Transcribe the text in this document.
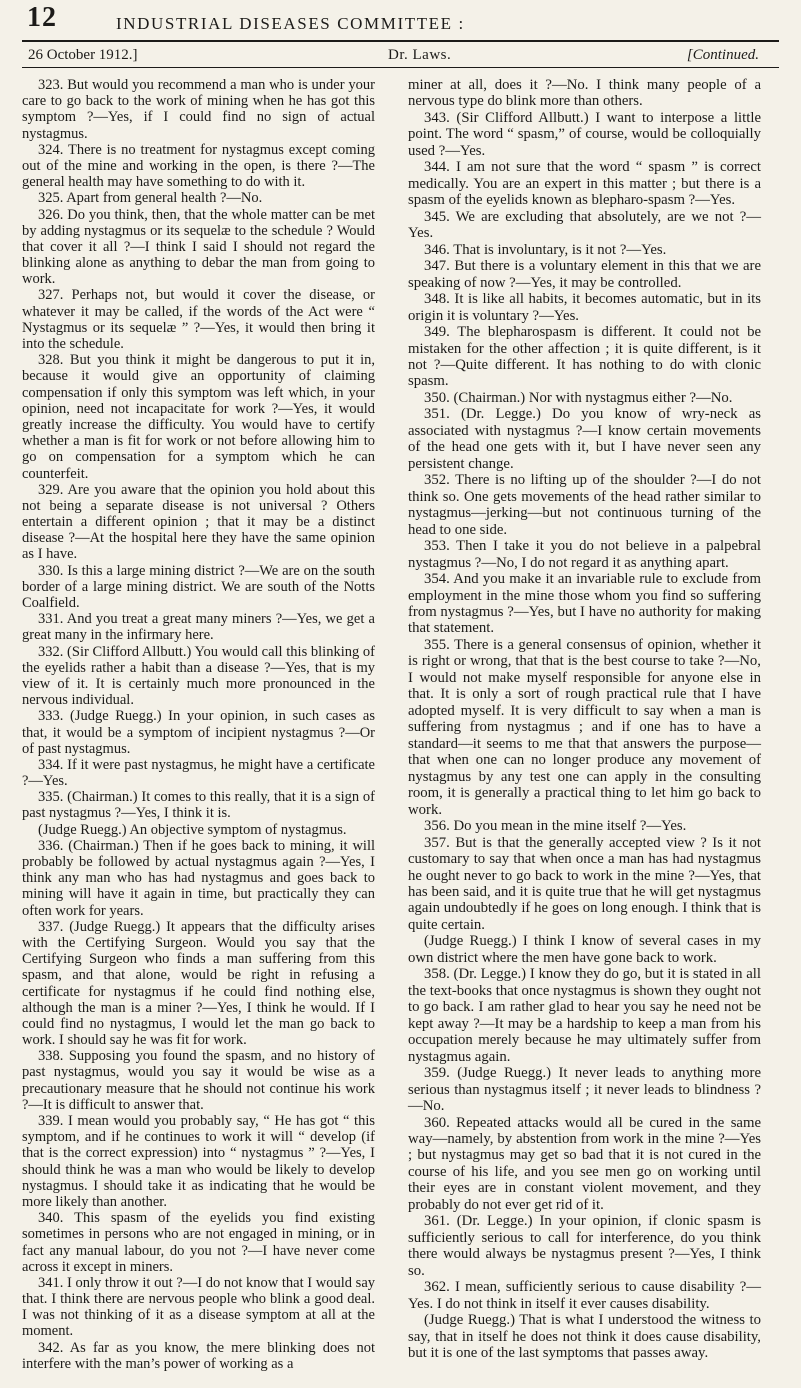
12	INDUSTRIAL DISEASES COMMITTEE :
26 October 1912.]	Dr. Laws.	[Continued.

323. But would you recommend a man who is under your care to go back to the work of mining when he has got this symptom ?—Yes, if I could find no sign of actual nystagmus.

324. There is no treatment for nystagmus except coming out of the mine and working in the open, is there ?—The general health may have something to do with it.

325. Apart from general health ?—No.

326. Do you think, then, that the whole matter can be met by adding nystagmus or its sequelæ to the schedule ? Would that cover it all ?—I think I said I should not regard the blinking alone as anything to debar the man from going to work.

327. Perhaps not, but would it cover the disease, or whatever it may be called, if the words of the Act were “ Nystagmus or its sequelæ ” ?—Yes, it would then bring it into the schedule.

328. But you think it might be dangerous to put it in, because it would give an opportunity of claiming compensation if only this symptom was left which, in your opinion, need not incapacitate for work ?—Yes, it would greatly increase the difficulty. You would have to certify whether a man is fit for work or not before allowing him to go on compensation for a symptom which he can counterfeit.

329. Are you aware that the opinion you hold about this not being a separate disease is not universal ? Others entertain a different opinion ; that it may be a distinct disease ?—At the hospital here they have the same opinion as I have.

330. Is this a large mining district ?—We are on the south border of a large mining district. We are south of the Notts Coalfield.

331. And you treat a great many miners ?—Yes, we get a great many in the infirmary here.

332. (Sir Clifford Allbutt.) You would call this blinking of the eyelids rather a habit than a disease ?—Yes, that is my view of it. It is certainly much more pronounced in the nervous individual.

333. (Judge Ruegg.) In your opinion, in such cases as that, it would be a symptom of incipient nystagmus ?—Or of past nystagmus.

334. If it were past nystagmus, he might have a certificate ?—Yes.

335. (Chairman.) It comes to this really, that it is a sign of past nystagmus ?—Yes, I think it is.

(Judge Ruegg.) An objective symptom of nystagmus.

336. (Chairman.) Then if he goes back to mining, it will probably be followed by actual nystagmus again ?—Yes, I think any man who has had nystagmus and goes back to mining will have it again in time, but practically they can often work for years.

337. (Judge Ruegg.) It appears that the difficulty arises with the Certifying Surgeon. Would you say that the Certifying Surgeon who finds a man suffering from this spasm, and that alone, would be right in refusing a certificate for nystagmus if he could find nothing else, although the man is a miner ?—Yes, I think he would. If I could find no nystagmus, I would let the man go back to work. I should say he was fit for work.

338. Supposing you found the spasm, and no history of past nystagmus, would you say it would be wise as a precautionary measure that he should not continue his work ?—It is difficult to answer that.

339. I mean would you probably say, “ He has got “ this symptom, and if he continues to work it will “ develop (if that is the correct expression) into “ nystagmus ” ?—Yes, I should think he was a man who would be likely to develop nystagmus. I should take it as indicating that he would be more likely than another.

340. This spasm of the eyelids you find existing sometimes in persons who are not engaged in mining, or in fact any manual labour, do you not ?—I have never come across it except in miners.

341. I only throw it out ?—I do not know that I would say that. I think there are nervous people who blink a good deal. I was not thinking of it as a disease symptom at all at the moment.

342. As far as you know, the mere blinking does not interfere with the man’s power of working as a

miner at all, does it ?—No. I think many people of a nervous type do blink more than others.

343. (Sir Clifford Allbutt.) I want to interpose a little point. The word “ spasm,” of course, would be colloquially used ?—Yes.

344. I am not sure that the word “ spasm ” is correct medically. You are an expert in this matter ; but there is a spasm of the eyelids known as blepharo-spasm ?—Yes.

345. We are excluding that absolutely, are we not ?—Yes.

346. That is involuntary, is it not ?—Yes.

347. But there is a voluntary element in this that we are speaking of now ?—Yes, it may be controlled.

348. It is like all habits, it becomes automatic, but in its origin it is voluntary ?—Yes.

349. The blepharospasm is different. It could not be mistaken for the other affection ; it is quite different, is it not ?—Quite different. It has nothing to do with clonic spasm.

350. (Chairman.) Nor with nystagmus either ?—No.

351. (Dr. Legge.) Do you know of wry-neck as associated with nystagmus ?—I know certain movements of the head one gets with it, but I have never seen any persistent change.

352. There is no lifting up of the shoulder ?—I do not think so. One gets movements of the head rather similar to nystagmus—jerking—but not continuous turning of the head to one side.

353. Then I take it you do not believe in a palpebral nystagmus ?—No, I do not regard it as anything apart.

354. And you make it an invariable rule to exclude from employment in the mine those whom you find so suffering from nystagmus ?—Yes, but I have no authority for making that statement.

355. There is a general consensus of opinion, whether it is right or wrong, that that is the best course to take ?—No, I would not make myself responsible for anyone else in that. It is only a sort of rough practical rule that I have adopted myself. It is very difficult to say when a man is suffering from nystagmus ; and if one has to have a standard—it seems to me that that answers the purpose—that when one can no longer produce any movement of nystagmus by any test one can apply in the consulting room, it is generally a practical thing to let him go back to work.

356. Do you mean in the mine itself ?—Yes.

357. But is that the generally accepted view ? Is it not customary to say that when once a man has had nystagmus he ought never to go back to work in the mine ?—Yes, that has been said, and it is quite true that he will get nystagmus again undoubtedly if he goes on long enough. I think that is quite certain.

(Judge Ruegg.) I think I know of several cases in my own district where the men have gone back to work.

358. (Dr. Legge.) I know they do go, but it is stated in all the text-books that once nystagmus is shown they ought not to go back. I am rather glad to hear you say he need not be kept away ?—It may be a hardship to keep a man from his occupation merely because he may ultimately suffer from nystagmus again.

359. (Judge Ruegg.) It never leads to anything more serious than nystagmus itself ; it never leads to blindness ?—No.

360. Repeated attacks would all be cured in the same way—namely, by abstention from work in the mine ?—Yes ; but nystagmus may get so bad that it is not cured in the course of his life, and you see men go on working until their eyes are in constant violent movement, and they probably do not ever get rid of it.

361. (Dr. Legge.) In your opinion, if clonic spasm is sufficiently serious to call for interference, do you think there would always be nystagmus present ?—Yes, I think so.

362. I mean, sufficiently serious to cause disability ?—Yes. I do not think in itself it ever causes disability.

(Judge Ruegg.) That is what I understood the witness to say, that in itself he does not think it does cause disability, but it is one of the last symptoms that passes away.
